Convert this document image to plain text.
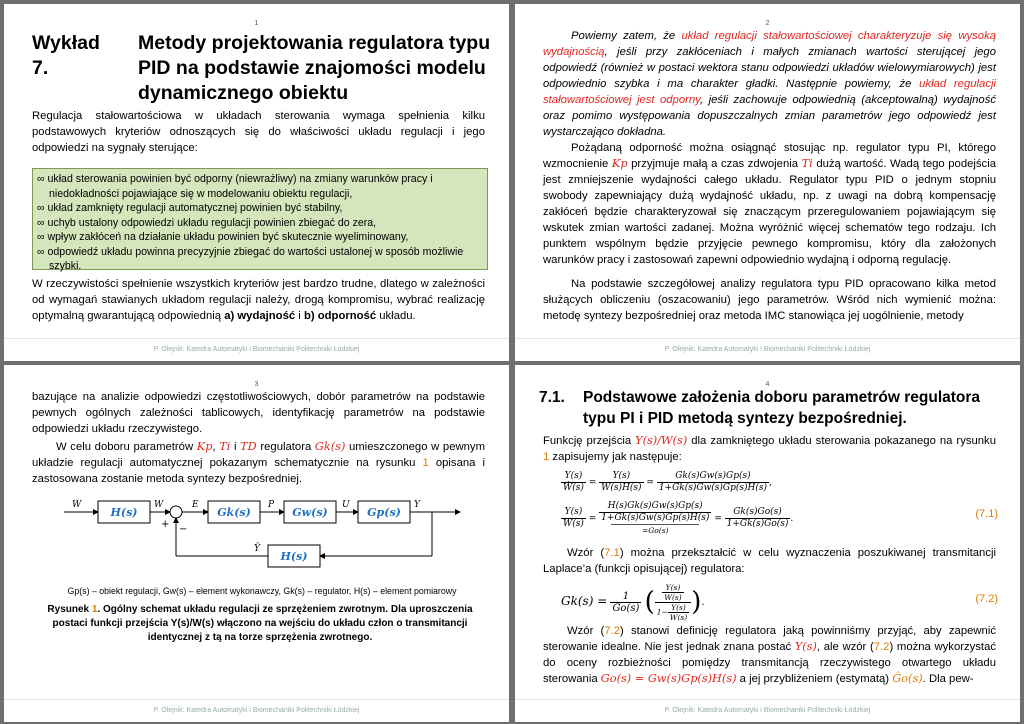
1
Wykład 7.
Metody projektowania regulatora typu PID na podstawie znajomości modelu dynamicznego obiektu
Regulacja stałowartościowa w układach sterowania wymaga spełnienia kilku podstawowych kryteriów odnoszących się do właściwości układu regulacji i jego odpowiedzi na sygnały sterujące:
∞ układ sterowania powinien być odporny (niewrażliwy) na zmiany warunków pracy i niedokładności pojawiające się w modelowaniu obiektu regulacji,
∞ układ zamknięty regulacji automatycznej powinien być stabilny,
∞ uchyb ustalony odpowiedzi układu regulacji powinien zbiegać do zera,
∞ wpływ zakłóceń na działanie układu powinien być skutecznie wyeliminowany,
∞ odpowiedź układu powinna precyzyjnie zbiegać do wartości ustalonej w sposób możliwie szybki.
W rzeczywistości spełnienie wszystkich kryteriów jest bardzo trudne, dlatego w zależności od wymagań stawianych układom regulacji należy, drogą kompromisu, wybrać realizację optymalną gwarantującą odpowiednią a) wydajność i b) odporność układu.
P. Olejnik: Katedra Automatyki i Biomechaniki Politechniki Łódzkiej
2
Powiemy zatem, że układ regulacji stałowartościowej charakteryzuje się wysoką wydajnością, jeśli przy zakłóceniach i małych zmianach wartości sterującej jego odpowiedź (również w postaci wektora stanu odpowiedzi układów wielowymiarowych) jest odpowiednio szybka i ma charakter gładki. Następnie powiemy, że układ regulacji stałowartościowej jest odporny, jeśli zachowuje odpowiednią (akceptowalną) wydajność oraz pomimo występowania dopuszczalnych zmian parametrów jego odpowiedź jest wystarczająco dokładna.
Pożądaną odporność można osiągnąć stosując np. regulator typu PI, którego wzmocnienie Kp przyjmuje małą a czas zdwojenia Ti dużą wartość. Wadą tego podejścia jest zmniejszenie wydajności całego układu. Regulator typu PID o jednym stopniu swobody zapewniający dużą wydajność układu, np. z uwagi na dobrą kompensację zakłóceń będzie charakteryzował się znaczącym przeregulowaniem pojawiającym się wskutek zmian wartości zadanej. Można wyróżnić więcej schematów tego rodzaju. Ich punktem wspólnym będzie przyjęcie pewnego kompromisu, który dla założonych warunków pracy i zastosowań zapewni odpowiednio wydajną i odporną regulację.
Na podstawie szczegółowej analizy regulatora typu PID opracowano kilka metod służących obliczeniu (oszacowaniu) jego parametrów. Wśród nich wymienić można: metodę syntezy bezpośredniej oraz metoda IMC stanowiąca jej uogólnienie, metody
P. Olejnik: Katedra Automatyki i Biomechaniki Politechniki Łódzkiej
3
bazujące na analizie odpowiedzi częstotliwościowych, dobór parametrów na podstawie pewnych ogólnych zależności tablicowych, identyfikację parametrów na podstawie odpowiedzi układu rzeczywistego.
W celu doboru parametrów Kp, Ti i TD regulatora Gk(s) umieszczonego w pewnym układzie regulacji automatycznej pokazanym schematycznie na rysunku 1 opisana i zastosowana zostanie metoda syntezy bezpośredniej.
Ŵ	W	E	P	U	Y
Ŷ
+ −
H(s)	Gk(s)	Gw(s)	Gp(s)
H(s)
Gp(s) – obiekt regulacji, Gw(s) – element wykonawczy, Gk(s) – regulator, H(s) – element pomiarowy
Rysunek 1. Ogólny schemat układu regulacji ze sprzężeniem zwrotnym. Dla uproszczenia postaci funkcji przejścia Y(s)/W(s) włączono na wejściu do układu człon o transmitancji identycznej z tą na torze sprzężenia zwrotnego.
P. Olejnik: Katedra Automatyki i Biomechaniki Politechniki Łódzkiej
4
7.1. Podstawowe założenia doboru parametrów regulatora typu PI i PID metodą syntezy bezpośredniej.
Funkcję przejścia Y(s)/W(s) dla zamkniętego układu sterowania pokazanego na rysunku 1 zapisujemy jak następuje:
$\frac{Y(s)}{Ŵ(s)} = \frac{Y(s)}{W(s)H(s)} = \frac{Gk(s)Gw(s)Gp(s)}{1+Gk(s)Gw(s)Gp(s)H(s)}$ ,
$\frac{Y(s)}{W(s)}$ =
H(s)Gk(s)Gw(s)Gp(s)
1+Gk(s)Gw(s)Gp(s)H(s)
=Go(s)
= $\frac{Gk(s)Go(s)}{1+Gk(s)Go(s)}$ .	(7.1)
Wzór (7.1) można przekształcić w celu wyznaczenia poszukiwanej transmitancji Laplace’a (funkcji opisującej) regulatora:
$Gk(s) = \frac{1}{Go(s)}$ ( $\frac{\frac{Y(s)}{W(s)}}{1- \frac{Y(s)}{W(s)}}$ ).	(7.2)
Wzór (7.2) stanowi definicję regulatora jaką powinniśmy przyjąć, aby zapewnić sterowanie idealne. Nie jest jednak znana postać Y(s), ale wzór (7.2) można wykorzystać do oceny rozbieżności pomiędzy transmitancją rzeczywistego otwartego układu sterowania Go(s) = Gw(s)Gp(s)H(s) a jej przybliżeniem (estymatą) Ĝo(s). Dla pew-
P. Olejnik: Katedra Automatyki i Biomechaniki Politechniki Łódzkiej
